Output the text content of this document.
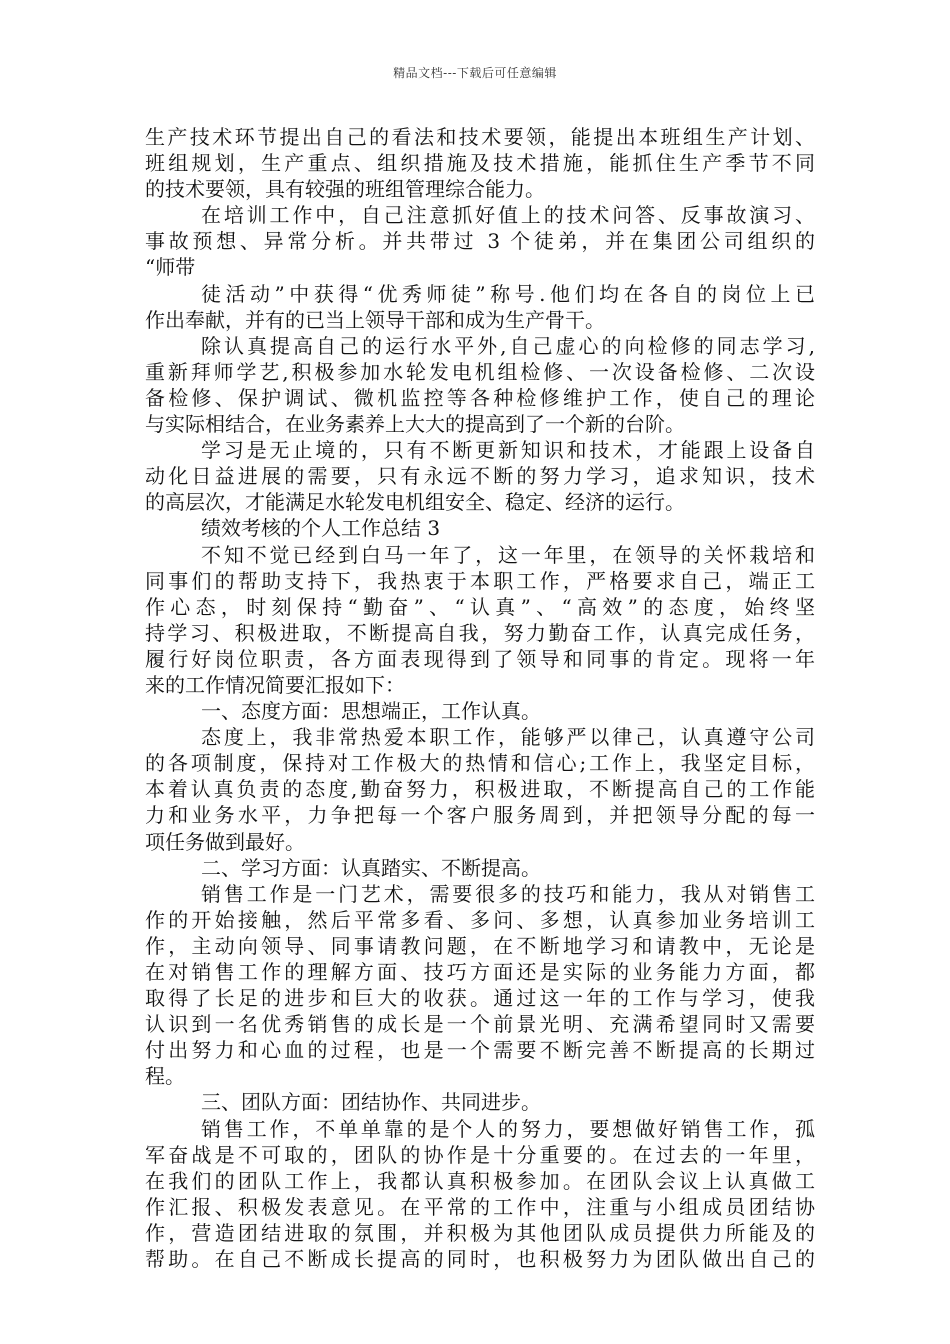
精品文档---下载后可任意编辑
生产技术环节提出自己的看法和技术要领，能提出本班组生产计划、
班组规划，生产重点、组织措施及技术措施，能抓住生产季节不同
的技术要领，具有较强的班组管理综合能力。
在培训工作中，自己注意抓好值上的技术问答、反事故演习、
事故预想、异常分析。并共带过 3 个徒弟，并在集团公司组织的
“师带
徒活动”中获得“优秀师徒”称号.他们均在各自的岗位上已
作出奉献，并有的已当上领导干部和成为生产骨干。
除认真提高自己的运行水平外,自己虚心的向检修的同志学习,
重新拜师学艺,积极参加水轮发电机组检修、一次设备检修、二次设
备检修、保护调试、微机监控等各种检修维护工作，使自己的理论
与实际相结合，在业务素养上大大的提高到了一个新的台阶。
学习是无止境的，只有不断更新知识和技术，才能跟上设备自
动化日益进展的需要，只有永远不断的努力学习，追求知识，技术
的高层次，才能满足水轮发电机组安全、稳定、经济的运行。
绩效考核的个人工作总结 3
不知不觉已经到白马一年了，这一年里，在领导的关怀栽培和
同事们的帮助支持下，我热衷于本职工作，严格要求自己，端正工
作心态，时刻保持“勤奋”、“认真”、“高效”的态度，始终坚
持学习、积极进取，不断提高自我，努力勤奋工作，认真完成任务，
履行好岗位职责，各方面表现得到了领导和同事的肯定。现将一年
来的工作情况简要汇报如下：
一、态度方面：思想端正，工作认真。
态度上，我非常热爱本职工作，能够严以律己，认真遵守公司
的各项制度，保持对工作极大的热情和信心;工作上，我坚定目标，
本着认真负责的态度,勤奋努力，积极进取，不断提高自己的工作能
力和业务水平，力争把每一个客户服务周到，并把领导分配的每一
项任务做到最好。
二、学习方面：认真踏实、不断提高。
销售工作是一门艺术，需要很多的技巧和能力，我从对销售工
作的开始接触，然后平常多看、多问、多想，认真参加业务培训工
作，主动向领导、同事请教问题，在不断地学习和请教中，无论是
在对销售工作的理解方面、技巧方面还是实际的业务能力方面，都
取得了长足的进步和巨大的收获。通过这一年的工作与学习，使我
认识到一名优秀销售的成长是一个前景光明、充满希望同时又需要
付出努力和心血的过程，也是一个需要不断完善不断提高的长期过
程。
三、团队方面：团结协作、共同进步。
销售工作，不单单靠的是个人的努力，要想做好销售工作，孤
军奋战是不可取的，团队的协作是十分重要的。在过去的一年里，
在我们的团队工作上，我都认真积极参加。在团队会议上认真做工
作汇报、积极发表意见。在平常的工作中，注重与小组成员团结协
作，营造团结进取的氛围，并积极为其他团队成员提供力所能及的
帮助。在自己不断成长提高的同时，也积极努力为团队做出自己的
